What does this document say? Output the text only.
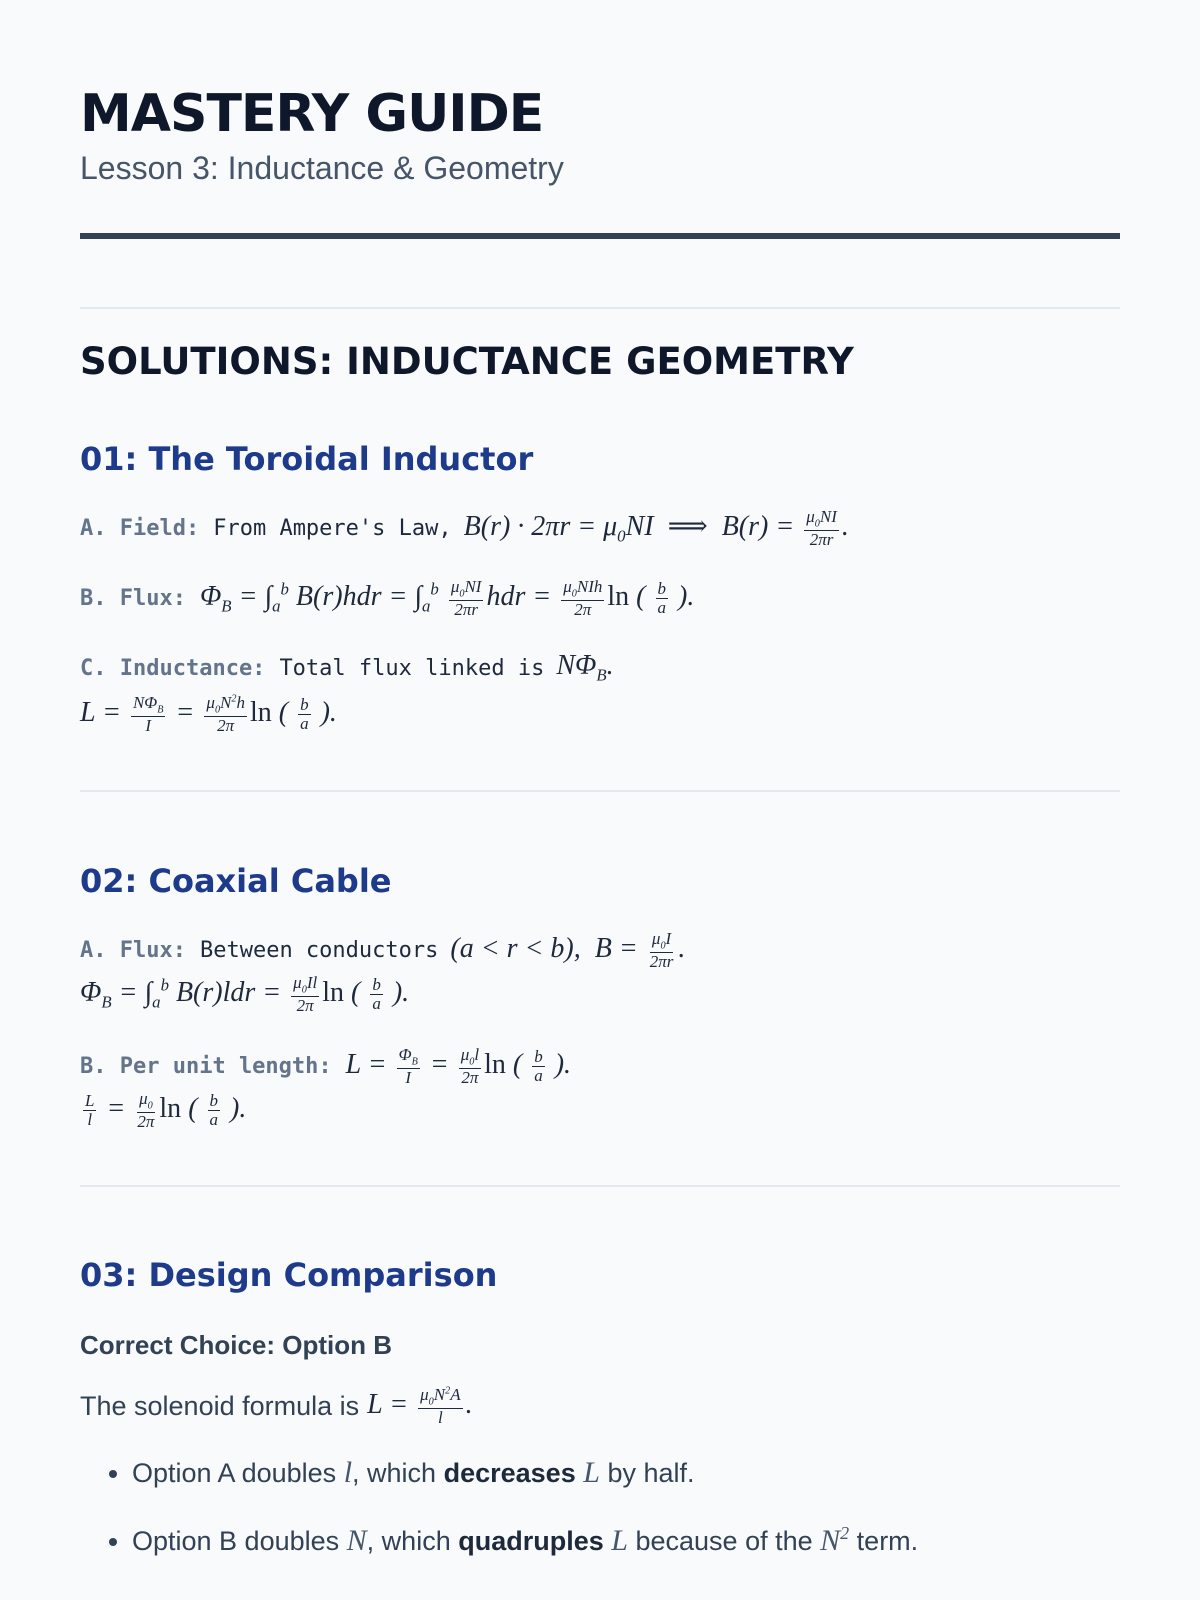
MASTERY GUIDE
Lesson 3: Inductance & Geometry
SOLUTIONS: INDUCTANCE GEOMETRY
01: The Toroidal Inductor
A. Field: From Ampere's Law, $B(r) \cdot 2\pi r = \mu_0NI$  ⟹  $B(r) = \frac{\mu_0NI}{2\pi r}$ .
B. Flux: $\Phi_B = \int_a^b$ $B(r)hdr = \int_a^b \frac{\mu_0NI}{2\pi r}$ hdr = $\frac{\mu_0NIh}{2\pi}$ ln ( $\frac{b}{a}$ ).
C. Inductance: Total flux linked is $N\Phi_B$.
$L = \frac{N\Phi_B}{I} = \frac{\mu_0N^2h}{2\pi}$ ln ( $\frac{b}{a}$ ).
02: Coaxial Cable
A. Flux: Between conductors (a < r < b),  $B = \frac{\mu_0I}{2\pi r}$ .
$\Phi_B = \int_a^b$ $B(r)ldr = \frac{\mu_0Il}{2\pi}$ ln ( $\frac{b}{a}$ ).
B. Per unit length: $L = \frac{\Phi_B}{I} = \frac{\mu_0l}{2\pi}$ ln ( $\frac{b}{a}$ ).
$\frac{L}{l} = \frac{\mu_0}{2\pi}$ ln ( $\frac{b}{a}$ ).
03: Design Comparison
Correct Choice: Option B
The solenoid formula is $L = \frac{\mu_0N^2A}{l}$ .
• Option A doubles l, which decreases L by half.
• Option B doubles N, which quadruples L because of the $N^2$ term.
